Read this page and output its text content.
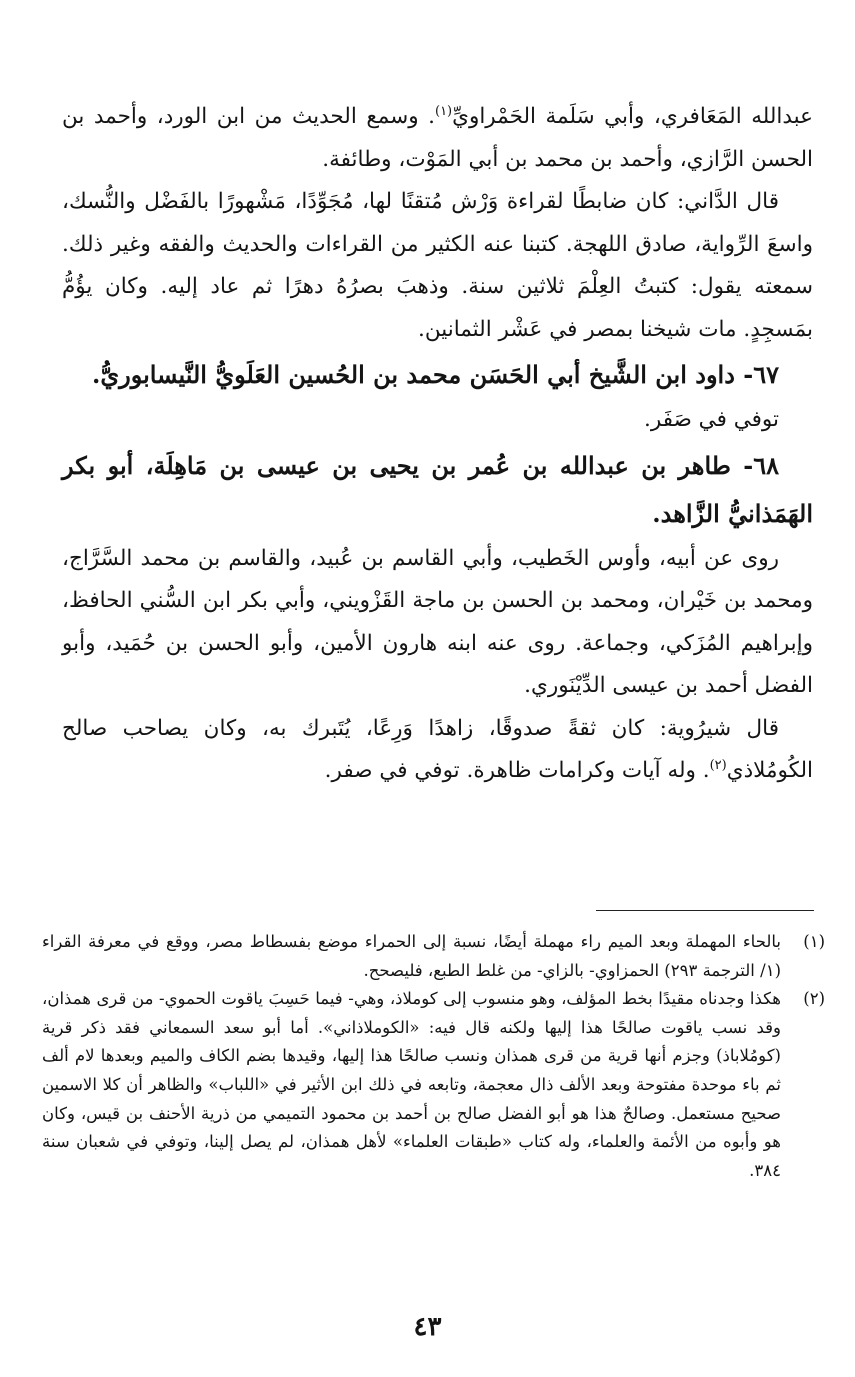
عبدالله المَعَافري، وأبي سَلَمة الحَمْراويِّ$^{(١)}$. وسمع الحديث من ابن الورد، وأحمد بن الحسن الرَّازي، وأحمد بن محمد بن أبي المَوْت، وطائفة.

قال الدَّاني: كان ضابطًا لقراءة وَرْش مُتقنًا لها، مُجَوِّدًا، مَشْهورًا بالفَضْل والنُّسك، واسعَ الرِّواية، صادق اللهجة. كتبنا عنه الكثير من القراءات والحديث والفقه وغير ذلك. سمعته يقول: كتبتُ العِلْمَ ثلاثين سنة. وذهبَ بصرُهُ دهرًا ثم عاد إليه. وكان يؤُمُّ بمَسجِدٍ. مات شيخنا بمصر في عَشْر الثمانين.

٦٧- داود ابن الشَّيخ أبي الحَسَن محمد بن الحُسين العَلَويُّ النَّيسابوريُّ.

توفي في صَفَر.

٦٨- طاهر بن عبدالله بن عُمر بن يحيى بن عيسى بن مَاهِلَة، أبو بكر الهَمَذانيُّ الزَّاهد.

روى عن أبيه، وأوس الخَطيب، وأبي القاسم بن عُبيد، والقاسم بن محمد السَّرَّاج، ومحمد بن خَيْران، ومحمد بن الحسن بن ماجة القَزْويني، وأبي بكر ابن السُّني الحافظ، وإبراهيم المُزَكي، وجماعة. روى عنه ابنه هارون الأمين، وأبو الحسن بن حُمَيد، وأبو الفضل أحمد بن عيسى الدِّيْنَوري.

قال شيرُوية: كان ثقةً صدوقًا، زاهدًا وَرِعًا، يُتَبرك به، وكان يصاحب صالح الكُومُلاذي$^{(٢)}$. وله آيات وكرامات ظاهرة. توفي في صفر.

(١)
بالحاء المهملة وبعد الميم راء مهملة أيضًا، نسبة إلى الحمراء موضع بفسطاط مصر، ووقع في معرفة القراء (١/ الترجمة ٢٩٣) الحمزاوي- بالزاي- من غلط الطبع، فليصحح.

(٢)
هكذا وجدناه مقيدًا بخط المؤلف، وهو منسوب إلى كوملاذ، وهي- فيما حَسِبَ ياقوت الحموي- من قرى همذان، وقد نسب ياقوت صالحًا هذا إليها ولكنه قال فيه: «الكوملاذاني». أما أبو سعد السمعاني فقد ذكر قرية (كومُلاباذ) وجزم أنها قرية من قرى همذان ونسب صالحًا هذا إليها، وقيدها بضم الكاف والميم وبعدها لام ألف ثم باء موحدة مفتوحة وبعد الألف ذال معجمة، وتابعه في ذلك ابن الأثير في «اللباب» والظاهر أن كلا الاسمين صحيح مستعمل. وصالحٌ هذا هو أبو الفضل صالح بن أحمد بن محمود التميمي من ذرية الأحنف بن قيس، وكان هو وأبوه من الأئمة والعلماء، وله كتاب «طبقات العلماء» لأهل همذان، لم يصل إلينا، وتوفي في شعبان سنة ٣٨٤.

٤٣
